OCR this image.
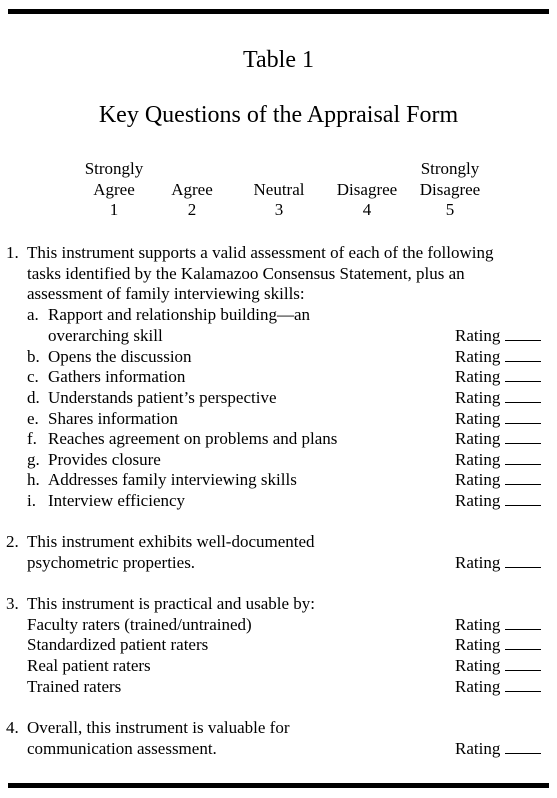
Table 1
Key Questions of the Appraisal Form
Strongly
Agree
1

Agree
2

Neutral
3

Disagree
4
Strongly
Disagree
5
1. This instrument supports a valid assessment of each of the following
tasks identified by the Kalamazoo Consensus Statement, plus an
assessment of family interviewing skills:
a. Rapport and relationship building—an
overarching skill	Rating
b. Opens the discussion	Rating
c. Gathers information	Rating
d. Understands patient’s perspective	Rating
e. Shares information	Rating
f. Reaches agreement on problems and plans	Rating
g. Provides closure	Rating
h. Addresses family interviewing skills	Rating
i. Interview efficiency	Rating
2. This instrument exhibits well-documented
psychometric properties.	Rating
3. This instrument is practical and usable by:
Faculty raters (trained/untrained)	Rating
Standardized patient raters	Rating
Real patient raters	Rating
Trained raters	Rating
4. Overall, this instrument is valuable for
communication assessment.	Rating
